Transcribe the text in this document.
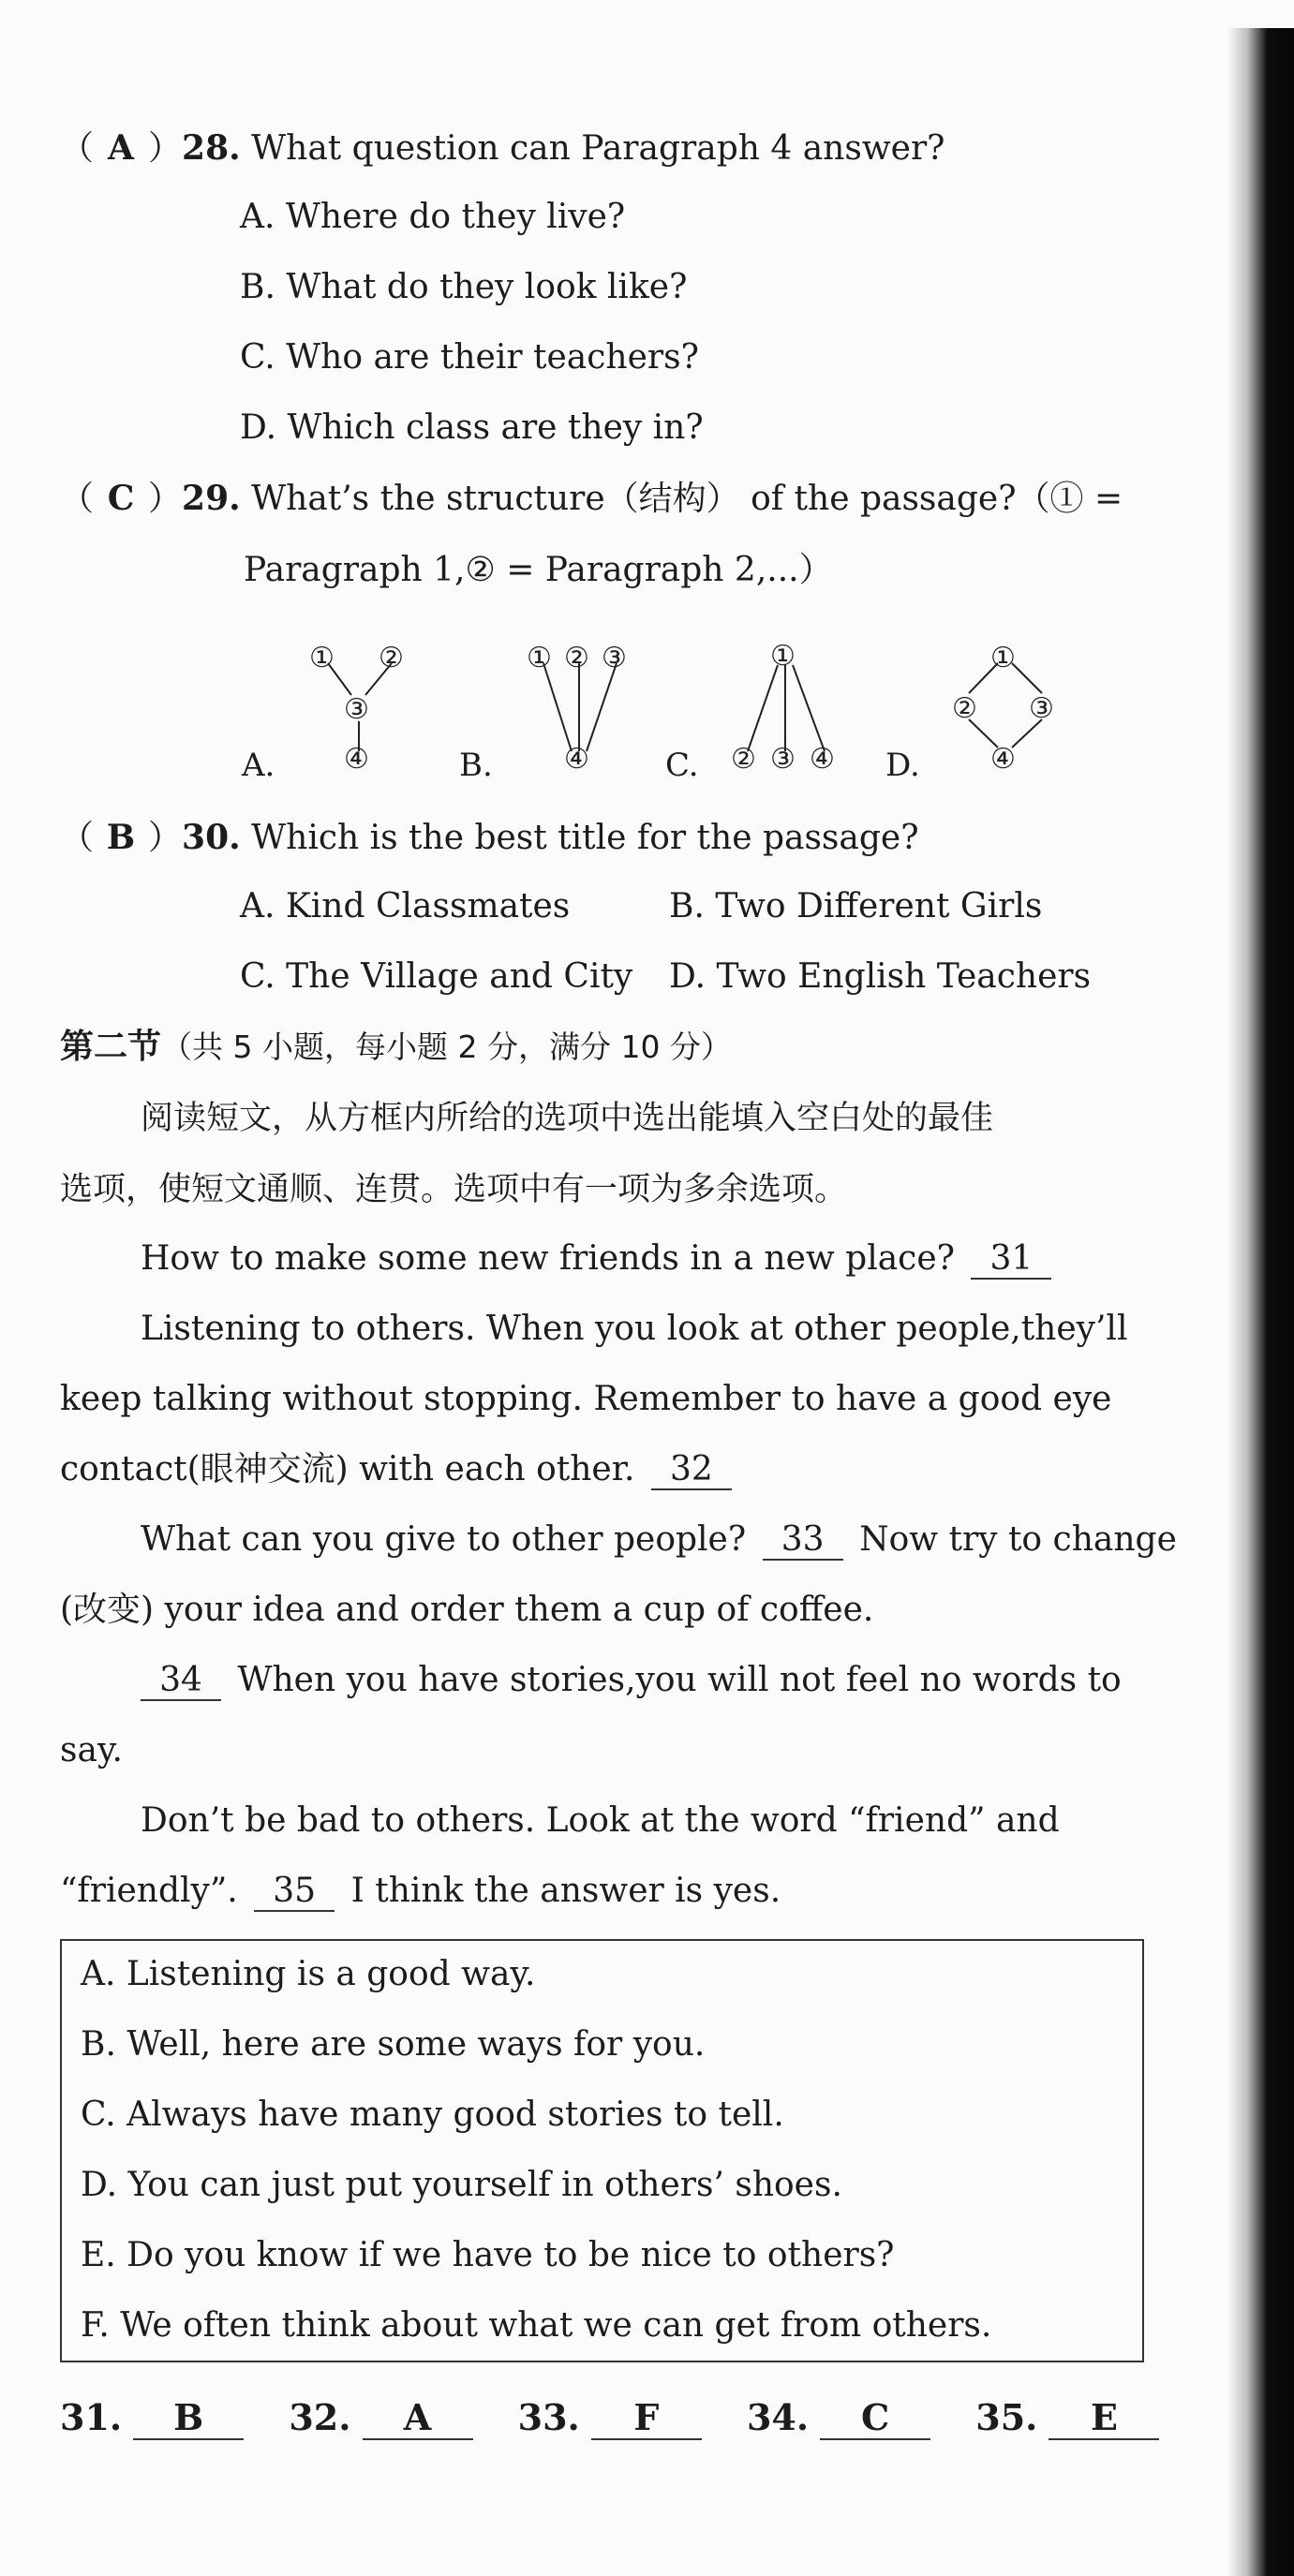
（ A ）28. What question can Paragraph 4 answer?
A. Where do they live?
B. What do they look like?
C. Who are their teachers?
D. Which class are they in?
（ C ）29. What’s the structure（结构） of the passage?（① =
Paragraph 1,② = Paragraph 2,...）
① ②
③
④
① ② ③
④
①
② ③ ④
①
② ③
④
A.	B.	C.	D.
（ B ）30. Which is the best title for the passage?
A. Kind Classmates	B. Two Different Girls
C. The Village and City D. Two English Teachers
第二节（共 5 小题，每小题 2 分，满分 10 分）
阅读短文，从方框内所给的选项中选出能填入空白处的最佳
选项，使短文通顺、连贯。选项中有一项为多余选项。
How to make some new friends in a new place? 31
Listening to others. When you look at other people,they’ll
keep talking without stopping. Remember to have a good eye
contact(眼神交流) with each other. 32
What can you give to other people? 33 Now try to change
(改变) your idea and order them a cup of coffee.
34 When you have stories,you will not feel no words to
say.
Don’t be bad to others. Look at the word “friend” and
“friendly”. 35 I think the answer is yes.
A. Listening is a good way.
B. Well, here are some ways for you.
C. Always have many good stories to tell.
D. You can just put yourself in others’ shoes.
E. Do you know if we have to be nice to others?
F. We often think about what we can get from others.
31. B 32. A 33. F 34. C 35. E
